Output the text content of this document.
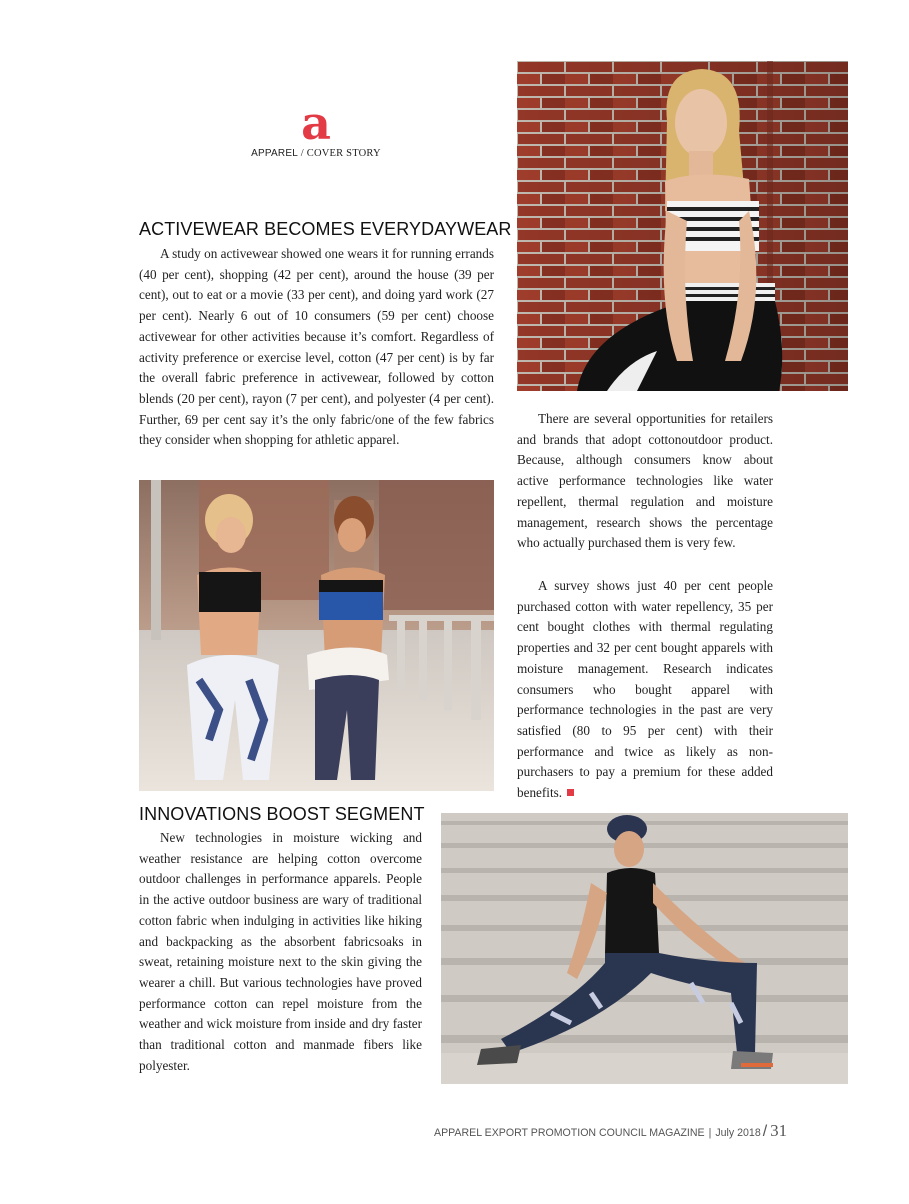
a
APPAREL / COVER STORY
ACTIVEWEAR BECOMES EVERYDAYWEAR

A study on activewear showed one wears it for running errands (40 per cent), shopping (42 per cent), around the house (39 per cent), out to eat or a movie (33 per cent), and doing yard work (27 per cent). Nearly 6 out of 10 consumers (59 per cent) choose activewear for other activities because it’s comfort. Regardless of activity preference or exercise level, cotton (47 per cent) is by far the overall fabric preference in activewear, followed by cotton blends (20 per cent), rayon (7 per cent), and polyester (4 per cent). Further, 69 per cent say it’s the only fabric/one of the few fabrics they consider when shopping for athletic apparel.

There are several opportunities for retailers and brands that adopt cottonoutdoor product. Because, although consumers know about active performance technologies like water repellent, thermal regulation and moisture management, research shows the percentage who actually purchased them is very few.

A survey shows just 40 per cent people purchased cotton with water repellency, 35 per cent bought clothes with thermal regulating properties and 32 per cent bought apparels with moisture management. Research indicates consumers who bought apparel with performance technologies in the past are very satisfied (80 to 95 per cent) with their performance and twice as likely as non-purchasers to pay a premium for these added benefits.

INNOVATIONS BOOST SEGMENT

New technologies in moisture wicking and weather resistance are helping cotton overcome outdoor challenges in performance apparels. People in the active outdoor business are wary of traditional cotton fabric when indulging in activities like hiking and backpacking as the absorbent fabricsoaks in sweat, retaining moisture next to the skin giving the wearer a chill. But various technologies have proved performance cotton can repel moisture from the weather and wick moisture from inside and dry faster than traditional cotton and manmade fibers like polyester.

APPAREL EXPORT PROMOTION COUNCIL MAGAZINE | July 2018 / 31
